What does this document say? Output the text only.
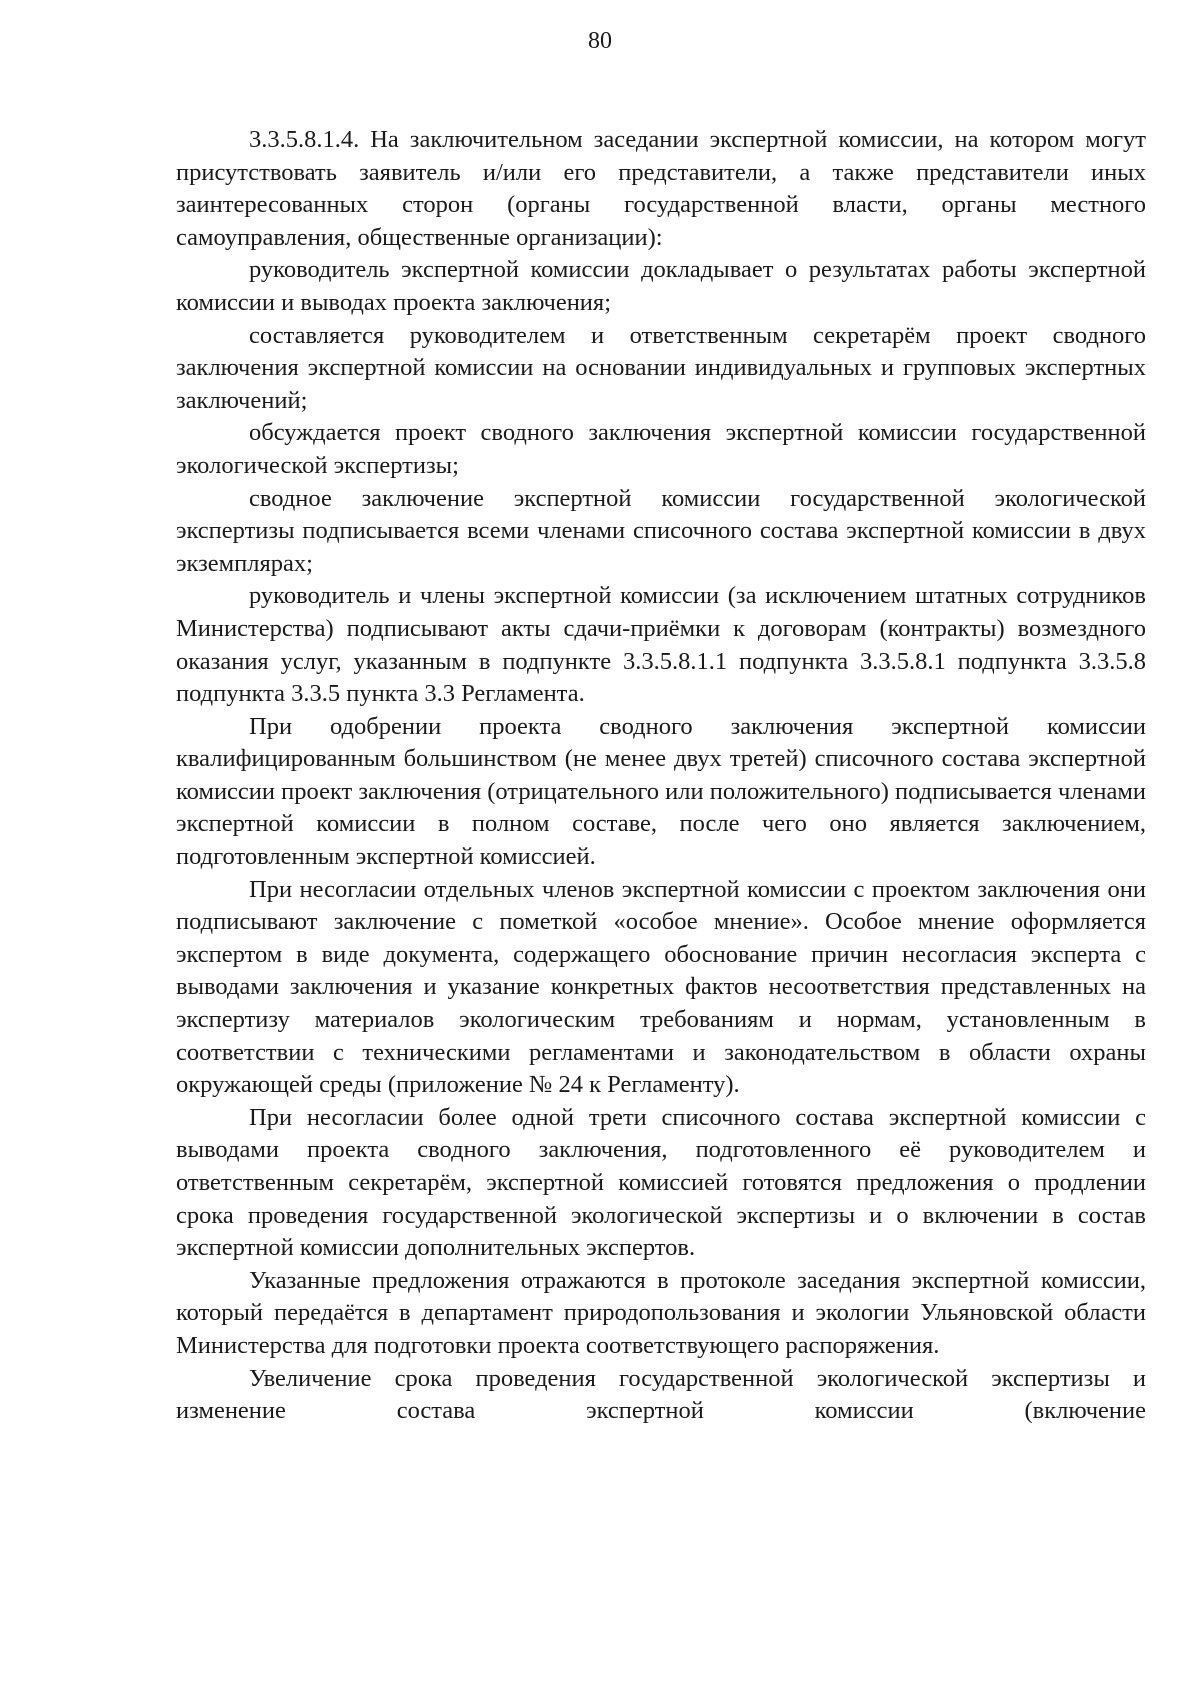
80

3.3.5.8.1.4. На заключительном заседании экспертной комиссии, на котором могут присутствовать заявитель и/или его представители, а также представители иных заинтересованных сторон (органы государственной власти, органы местного самоуправления, общественные организации):

руководитель экспертной комиссии докладывает о результатах работы экспертной комиссии и выводах проекта заключения;

составляется руководителем и ответственным секретарём проект сводного заключения экспертной комиссии на основании индивидуальных и групповых экспертных заключений;

обсуждается проект сводного заключения экспертной комиссии государственной экологической экспертизы;

сводное заключение экспертной комиссии государственной экологической экспертизы подписывается всеми членами списочного состава экспертной комиссии в двух экземплярах;

руководитель и члены экспертной комиссии (за исключением штатных сотрудников Министерства) подписывают акты сдачи-приёмки к договорам (контракты) возмездного оказания услуг, указанным в подпункте 3.3.5.8.1.1 подпункта 3.3.5.8.1 подпункта 3.3.5.8 подпункта 3.3.5 пункта 3.3 Регламента.

При одобрении проекта сводного заключения экспертной комиссии квалифицированным большинством (не менее двух третей) списочного состава экспертной комиссии проект заключения (отрицательного или положительного) подписывается членами экспертной комиссии в полном составе, после чего оно является заключением, подготовленным экспертной комиссией.

При несогласии отдельных членов экспертной комиссии с проектом заключения они подписывают заключение с пометкой «особое мнение». Особое мнение оформляется экспертом в виде документа, содержащего обоснование причин несогласия эксперта с выводами заключения и указание конкретных фактов несоответствия представленных на экспертизу материалов экологическим требованиям и нормам, установленным в соответствии с техническими регламентами и законодательством в области охраны окружающей среды (приложение № 24 к Регламенту).

При несогласии более одной трети списочного состава экспертной комиссии с выводами проекта сводного заключения, подготовленного её руководителем и ответственным секретарём, экспертной комиссией готовятся предложения о продлении срока проведения государственной экологической экспертизы и о включении в состав экспертной комиссии дополнительных экспертов.

Указанные предложения отражаются в протоколе заседания экспертной комиссии, который передаётся в департамент природопользования и экологии Ульяновской области Министерства для подготовки проекта соответствующего распоряжения.

Увеличение срока проведения государственной экологической экспертизы и изменение состава экспертной комиссии (включение
